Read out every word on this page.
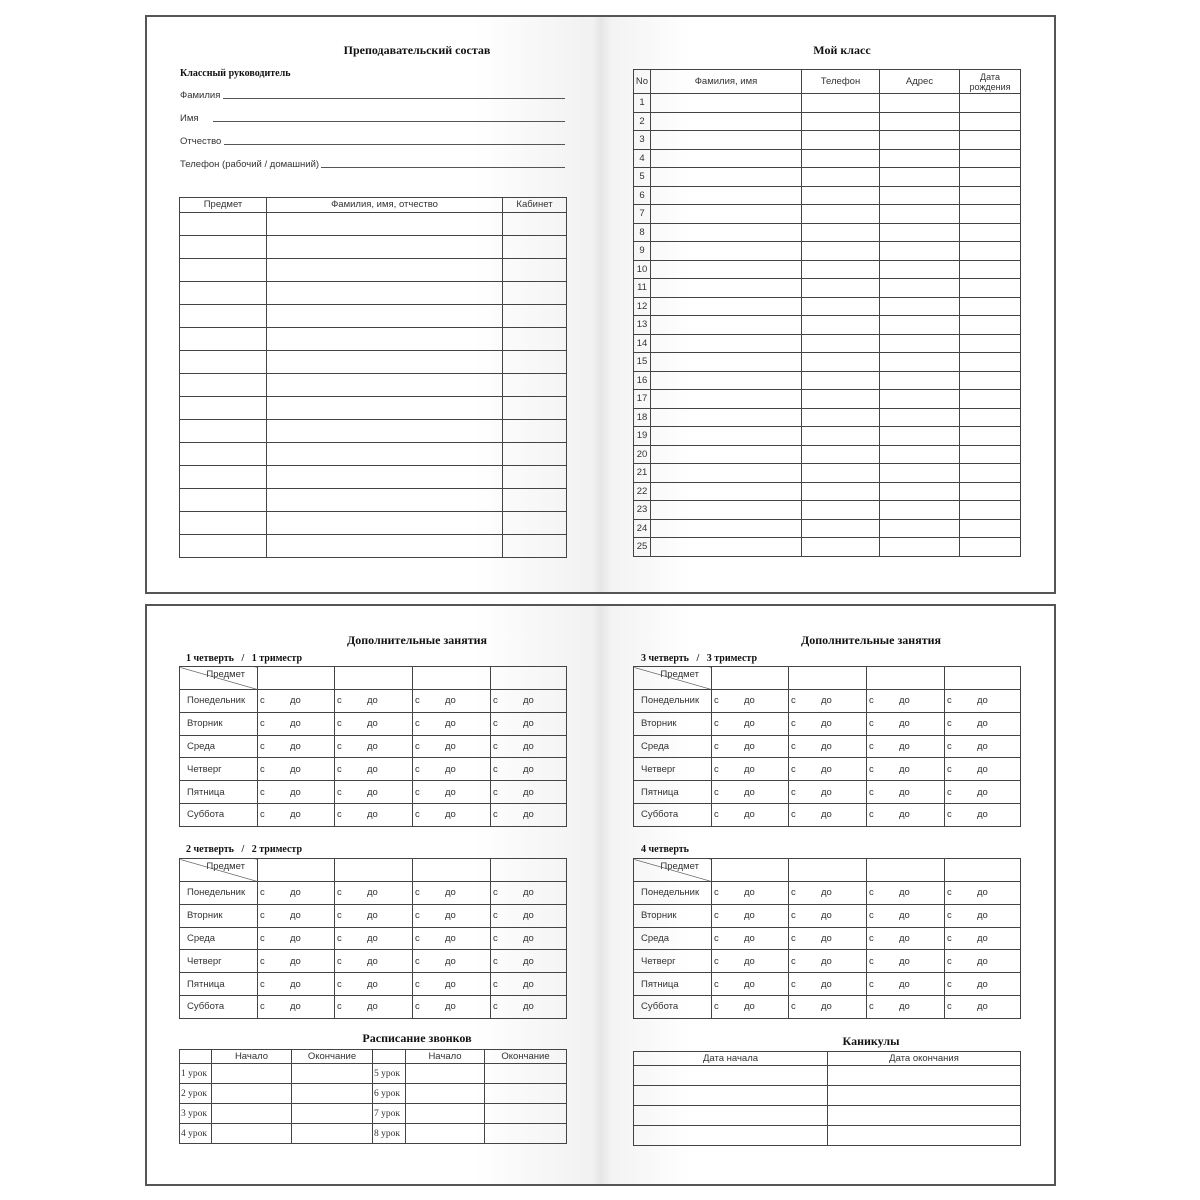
Преподавательский состав
Классный руководитель
Фамилия
Имя
Отчество
Телефон (рабочий / домашний)
Предмет	Фамилия, имя, отчество	Кабинет

Мой класс
No	Фамилия, имя	Телефон	Адрес	Дата рождения
1				
2				
3				
4				
5				
6				
7				
8				
9				
10				
11				
12				
13				
14				
15				
16				
17				
18				
19				
20				
21				
22				
23				
24				
25				
Дополнительные занятия	Дополнительные занятия
1 четверть   /   1 триместр
2 четверть   /   2 триместр
3 четверть   /   3 триместр
4 четверть
Предмет				

Понедельник	с до	с до	с до	с до

Вторник	с до	с до	с до	с до

Среда	с до	с до	с до	с до

Четверг	с до	с до	с до	с до

Пятница	с до	с до	с до	с до

Суббота	с до	с до	с до	с до
Предмет				

Понедельник	с до	с до	с до	с до

Вторник	с до	с до	с до	с до

Среда	с до	с до	с до	с до

Четверг	с до	с до	с до	с до

Пятница	с до	с до	с до	с до

Суббота	с до	с до	с до	с до
Предмет				

Понедельник	с до	с до	с до	с до

Вторник	с до	с до	с до	с до

Среда	с до	с до	с до	с до

Четверг	с до	с до	с до	с до

Пятница	с до	с до	с до	с до

Суббота	с до	с до	с до	с до
Предмет				

Понедельник	с до	с до	с до	с до

Вторник	с до	с до	с до	с до

Среда	с до	с до	с до	с до

Четверг	с до	с до	с до	с до

Пятница	с до	с до	с до	с до

Суббота	с до	с до	с до	с до
Расписание звонков
	Начало	Окончание		Начало	Окончание
1 урок			5 урок		
2 урок			6 урок		
3 урок			7 урок		
4 урок			8 урок		
Каникулы
Дата начала	Дата окончания
